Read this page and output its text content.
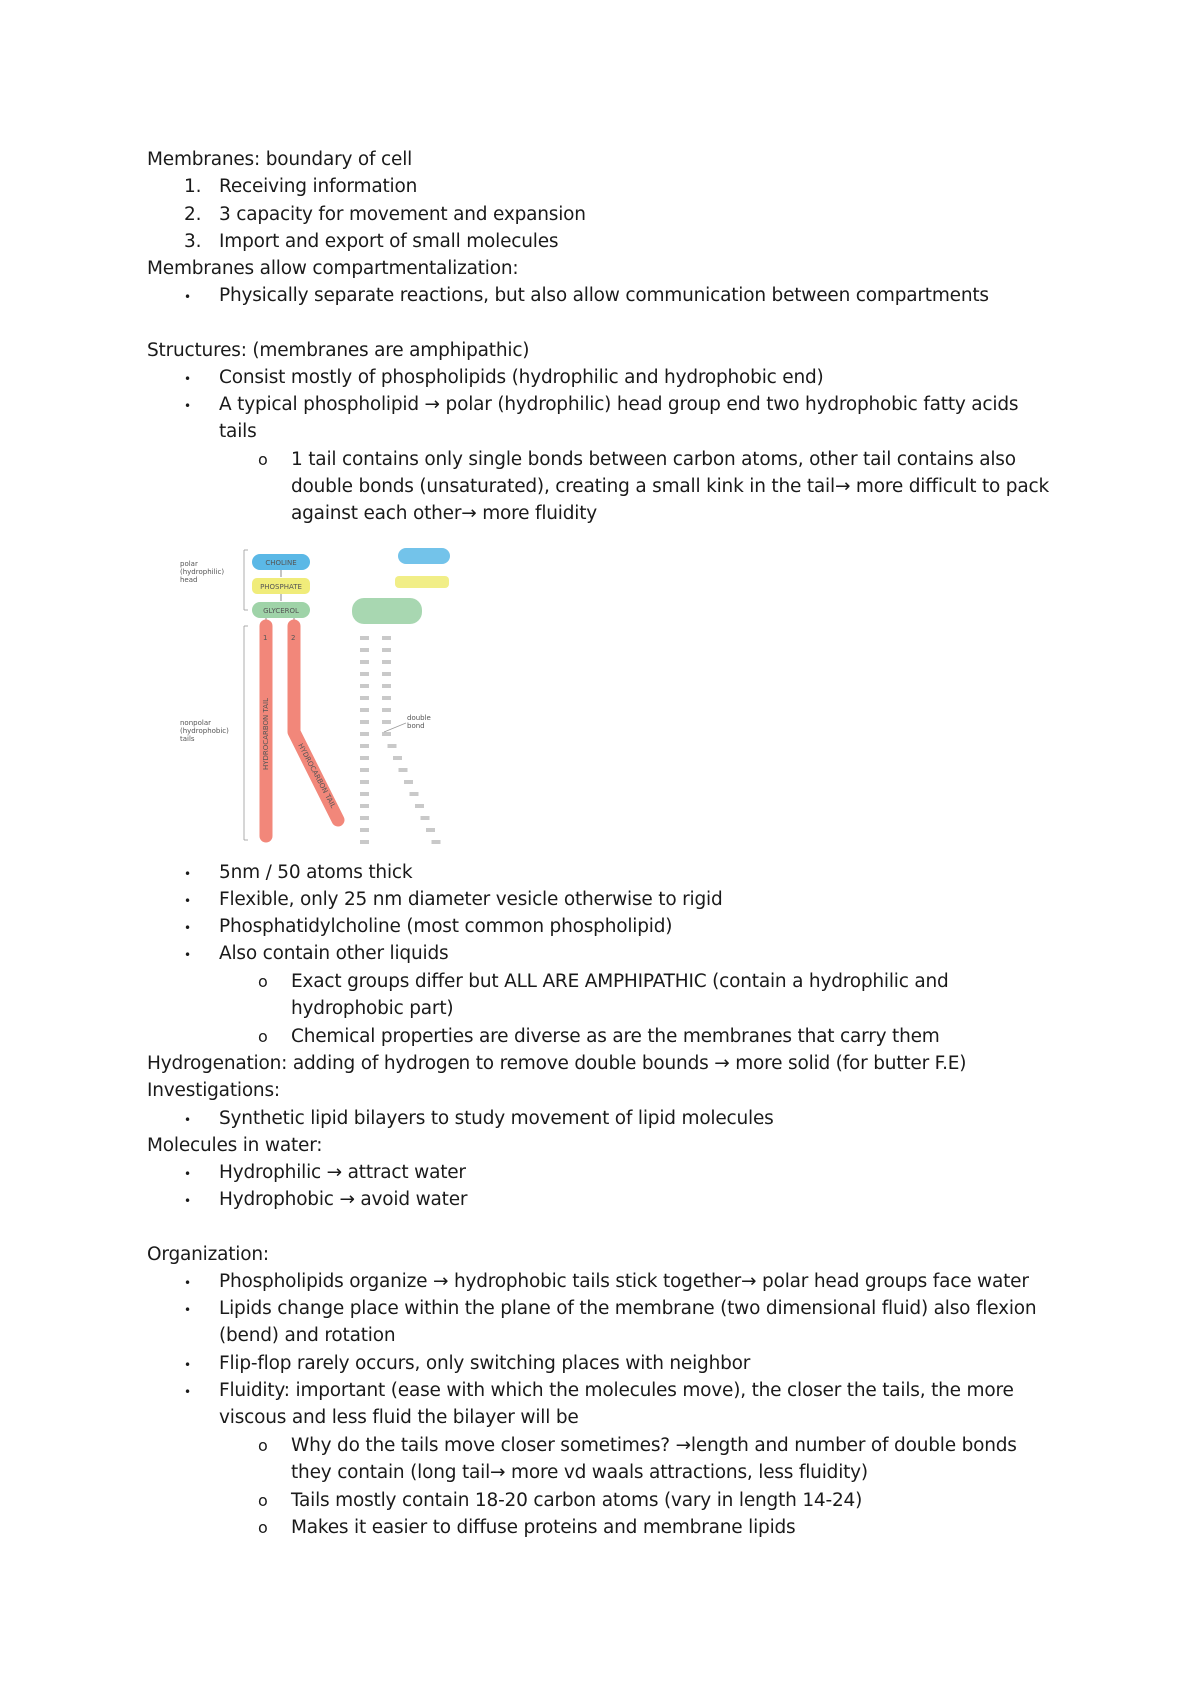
Membranes: boundary of cell
1. Receiving information
2. 3 capacity for movement and expansion
3. Import and export of small molecules
Membranes allow compartmentalization:
•	Physically separate reactions, but also allow communication between compartments
Structures: (membranes are amphipathic)
•	Consist mostly of phospholipids (hydrophilic and hydrophobic end)
•	A typical phospholipid → polar (hydrophilic) head group end two hydrophobic fatty acids
tails
o	1 tail contains only single bonds between carbon atoms, other tail contains also
double bonds (unsaturated), creating a small kink in the tail→ more difficult to pack
against each other→ more fluidity
•	5nm / 50 atoms thick
•	Flexible, only 25 nm diameter vesicle otherwise to rigid
•	Phosphatidylcholine (most common phospholipid)
•	Also contain other liquids
o	Exact groups differ but ALL ARE AMPHIPATHIC (contain a hydrophilic and
hydrophobic part)
o	Chemical properties are diverse as are the membranes that carry them
Hydrogenation: adding of hydrogen to remove double bounds → more solid (for butter F.E)
Investigations:
•	Synthetic lipid bilayers to study movement of lipid molecules
Molecules in water:
•	Hydrophilic → attract water
•	Hydrophobic → avoid water
Organization:
•	Phospholipids organize → hydrophobic tails stick together→ polar head groups face water
•	Lipids change place within the plane of the membrane (two dimensional fluid) also flexion
(bend) and rotation
•	Flip-flop rarely occurs, only switching places with neighbor
•	Fluidity: important (ease with which the molecules move), the closer the tails, the more
viscous and less fluid the bilayer will be
o	Why do the tails move closer sometimes? →length and number of double bonds
they contain (long tail→ more vd waals attractions, less fluidity)
o	Tails mostly contain 18-20 carbon atoms (vary in length 14-24)
o	Makes it easier to diffuse proteins and membrane lipids
polar
(hydrophilic)
head
nonpolar
(hydrophobic)
tails
CHOLINE
PHOSPHATE
GLYCEROL
1	2
HYDROCARBON TAIL
HYDROCARBON TAIL
double
bond
